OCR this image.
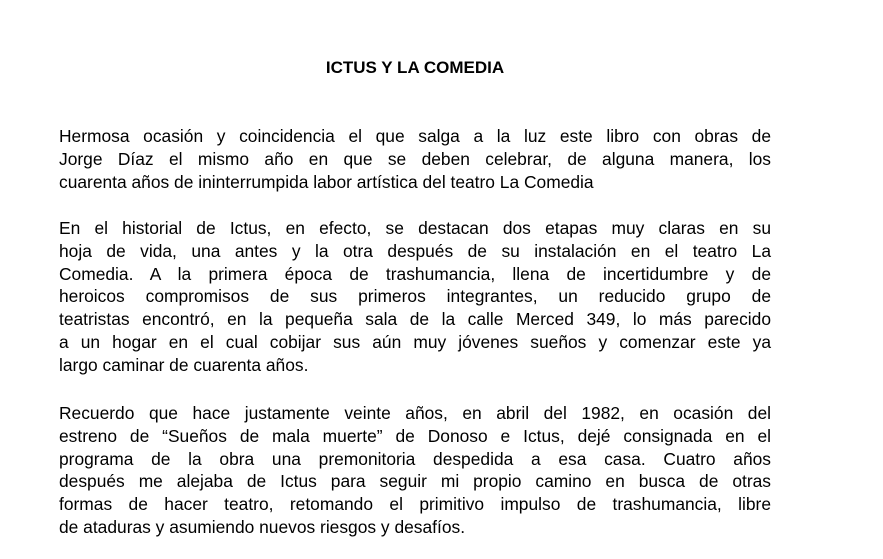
ICTUS Y LA COMEDIA
Hermosa ocasión y coincidencia el que salga a la luz este libro con obras de
Jorge Díaz el mismo año en que se deben celebrar, de alguna manera, los
cuarenta años de ininterrumpida labor artística del teatro La Comedia
En el historial de Ictus, en efecto, se destacan dos etapas muy claras en su
hoja de vida, una antes y la otra después de su instalación en el teatro La
Comedia. A la primera época de trashumancia, llena de incertidumbre y de
heroicos compromisos de sus primeros integrantes, un reducido grupo de
teatristas encontró, en la pequeña sala de la calle Merced 349, lo más parecido
a un hogar en el cual cobijar sus aún muy jóvenes sueños y comenzar este ya
largo caminar de cuarenta años.
Recuerdo que hace justamente veinte años, en abril del 1982, en ocasión del
estreno de “Sueños de mala muerte” de Donoso e Ictus, dejé consignada en el
programa de la obra una premonitoria despedida a esa casa. Cuatro años
después me alejaba de Ictus para seguir mi propio camino en busca de otras
formas de hacer teatro, retomando el primitivo impulso de trashumancia, libre
de ataduras y asumiendo nuevos riesgos y desafíos.
